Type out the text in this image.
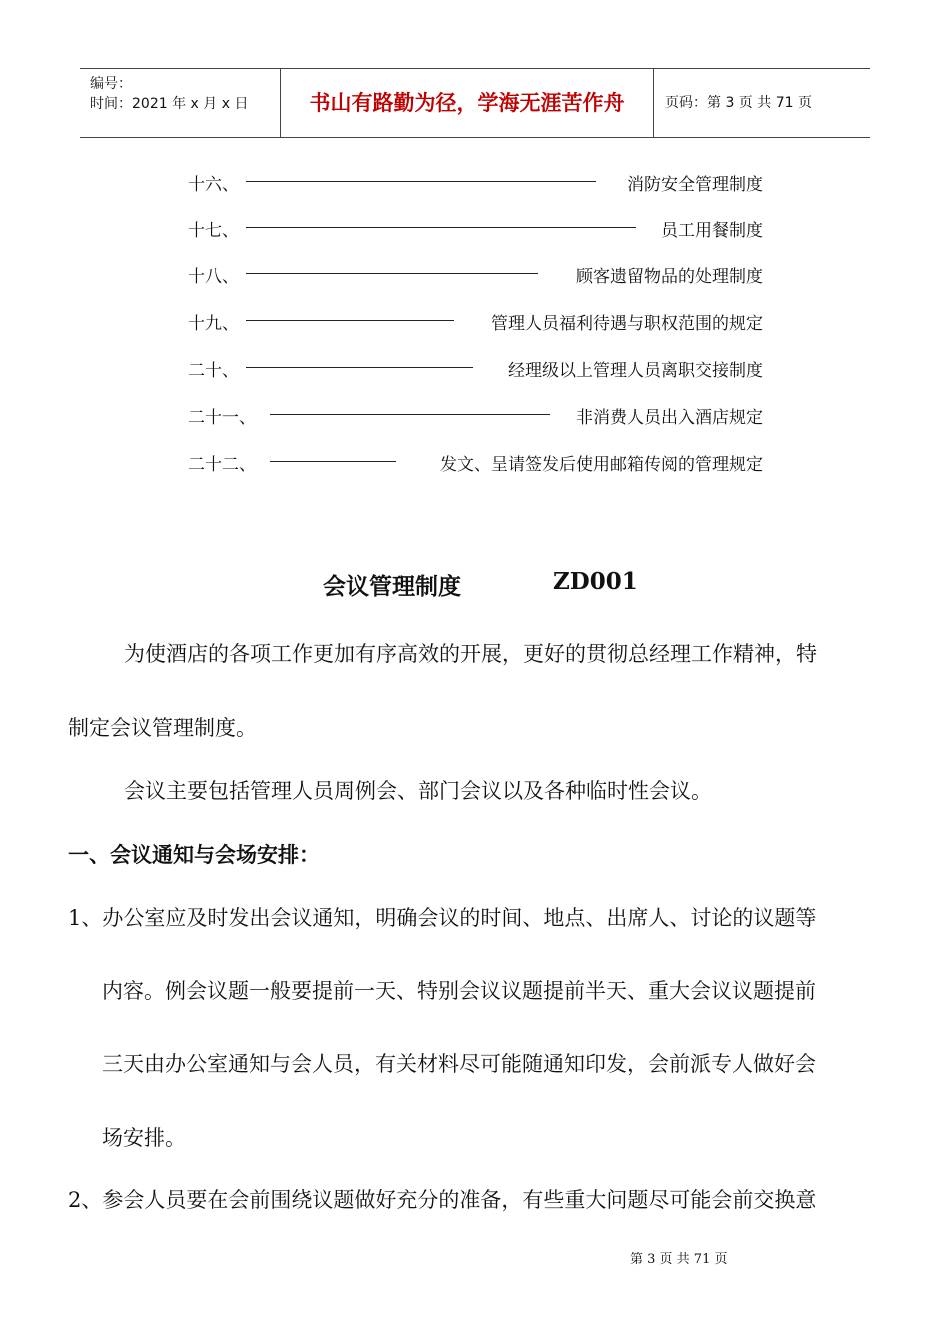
编号：
时间：2021 年 x 月 x 日	书山有路勤为径，学海无涯苦作舟	页码：第 3 页 共 71 页
十六、	消防安全管理制度
十七、	员工用餐制度
十八、	顾客遗留物品的处理制度
十九、	管理人员福利待遇与职权范围的规定
二十、	经理级以上管理人员离职交接制度
二十一、	非消费人员出入酒店规定
二十二、	发文、呈请签发后使用邮箱传阅的管理规定
会议管理制度	ZD001
为使酒店的各项工作更加有序高效的开展，更好的贯彻总经理工作精神，特
制定会议管理制度。
会议主要包括管理人员周例会、部门会议以及各种临时性会议。
一、会议通知与会场安排：
1、办公室应及时发出会议通知，明确会议的时间、地点、出席人、讨论的议题等
内容。例会议题一般要提前一天、特别会议议题提前半天、重大会议议题提前
三天由办公室通知与会人员，有关材料尽可能随通知印发，会前派专人做好会
场安排。
2、参会人员要在会前围绕议题做好充分的准备，有些重大问题尽可能会前交换意
第 3 页 共 71 页
